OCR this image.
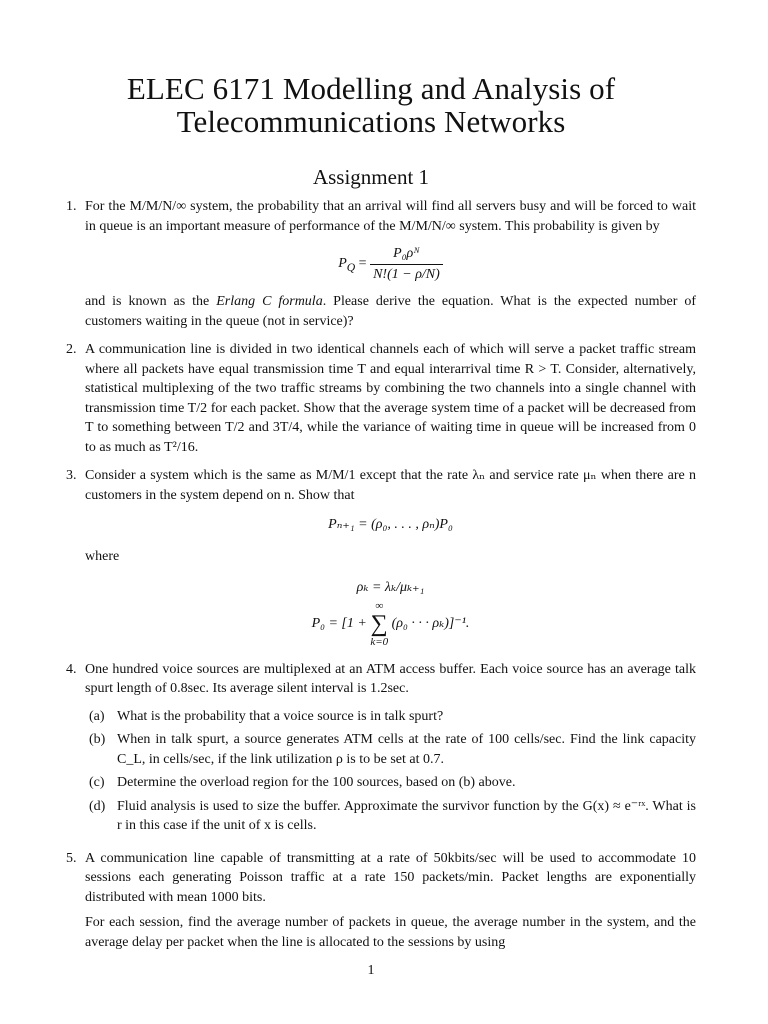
ELEC 6171 Modelling and Analysis of
Telecommunications Networks
Assignment 1
1. For the M/M/N/∞ system, the probability that an arrival will find all servers busy and will be forced to wait in queue is an important measure of performance of the M/M/N/∞ system. This probability is given by

$P_Q = \frac{\text{P₀ρᴺ}}{N!(1 - \rho/N)}$

and is known as the Erlang C formula. Please derive the equation. What is the expected number of customers waiting in the queue (not in service)?

2. A communication line is divided in two identical channels each of which will serve a packet traffic stream where all packets have equal transmission time T and equal interarrival time R > T. Consider, alternatively, statistical multiplexing of the two traffic streams by combining the two channels into a single channel with transmission time T/2 for each packet. Show that the average system time of a packet will be decreased from T to something between T/2 and 3T/4, while the variance of waiting time in queue will be increased from 0 to as much as T²/16.

3. Consider a system which is the same as M/M/1 except that the rate λₙ and service rate μₙ when there are n customers in the system depend on n. Show that

Pₙ₊₁ = (ρ₀, . . . , ρₙ)P₀

where

ρₖ = λₖ/μₖ₊₁
P₀ = [1 +
∞
∑
k=0
(ρ₀ · · · ρₖ)]⁻¹.
4. One hundred voice sources are multiplexed at an ATM access buffer. Each voice source has an average talk spurt length of 0.8sec. Its average silent interval is 1.2sec.

(a) What is the probability that a voice source is in talk spurt?
(b) When in talk spurt, a source generates ATM cells at the rate of 100 cells/sec. Find the link capacity C_L, in cells/sec, if the link utilization ρ is to be set at 0.7.
(c) Determine the overload region for the 100 sources, based on (b) above.
(d) Fluid analysis is used to size the buffer. Approximate the survivor function by the G(x) ≈ e⁻ʳˣ. What is r in this case if the unit of x is cells.
5. A communication line capable of transmitting at a rate of 50kbits/sec will be used to accommodate 10 sessions each generating Poisson traffic at a rate 150 packets/min. Packet lengths are exponentially distributed with mean 1000 bits.

For each session, find the average number of packets in queue, the average number in the system, and the average delay per packet when the line is allocated to the sessions by using

1
